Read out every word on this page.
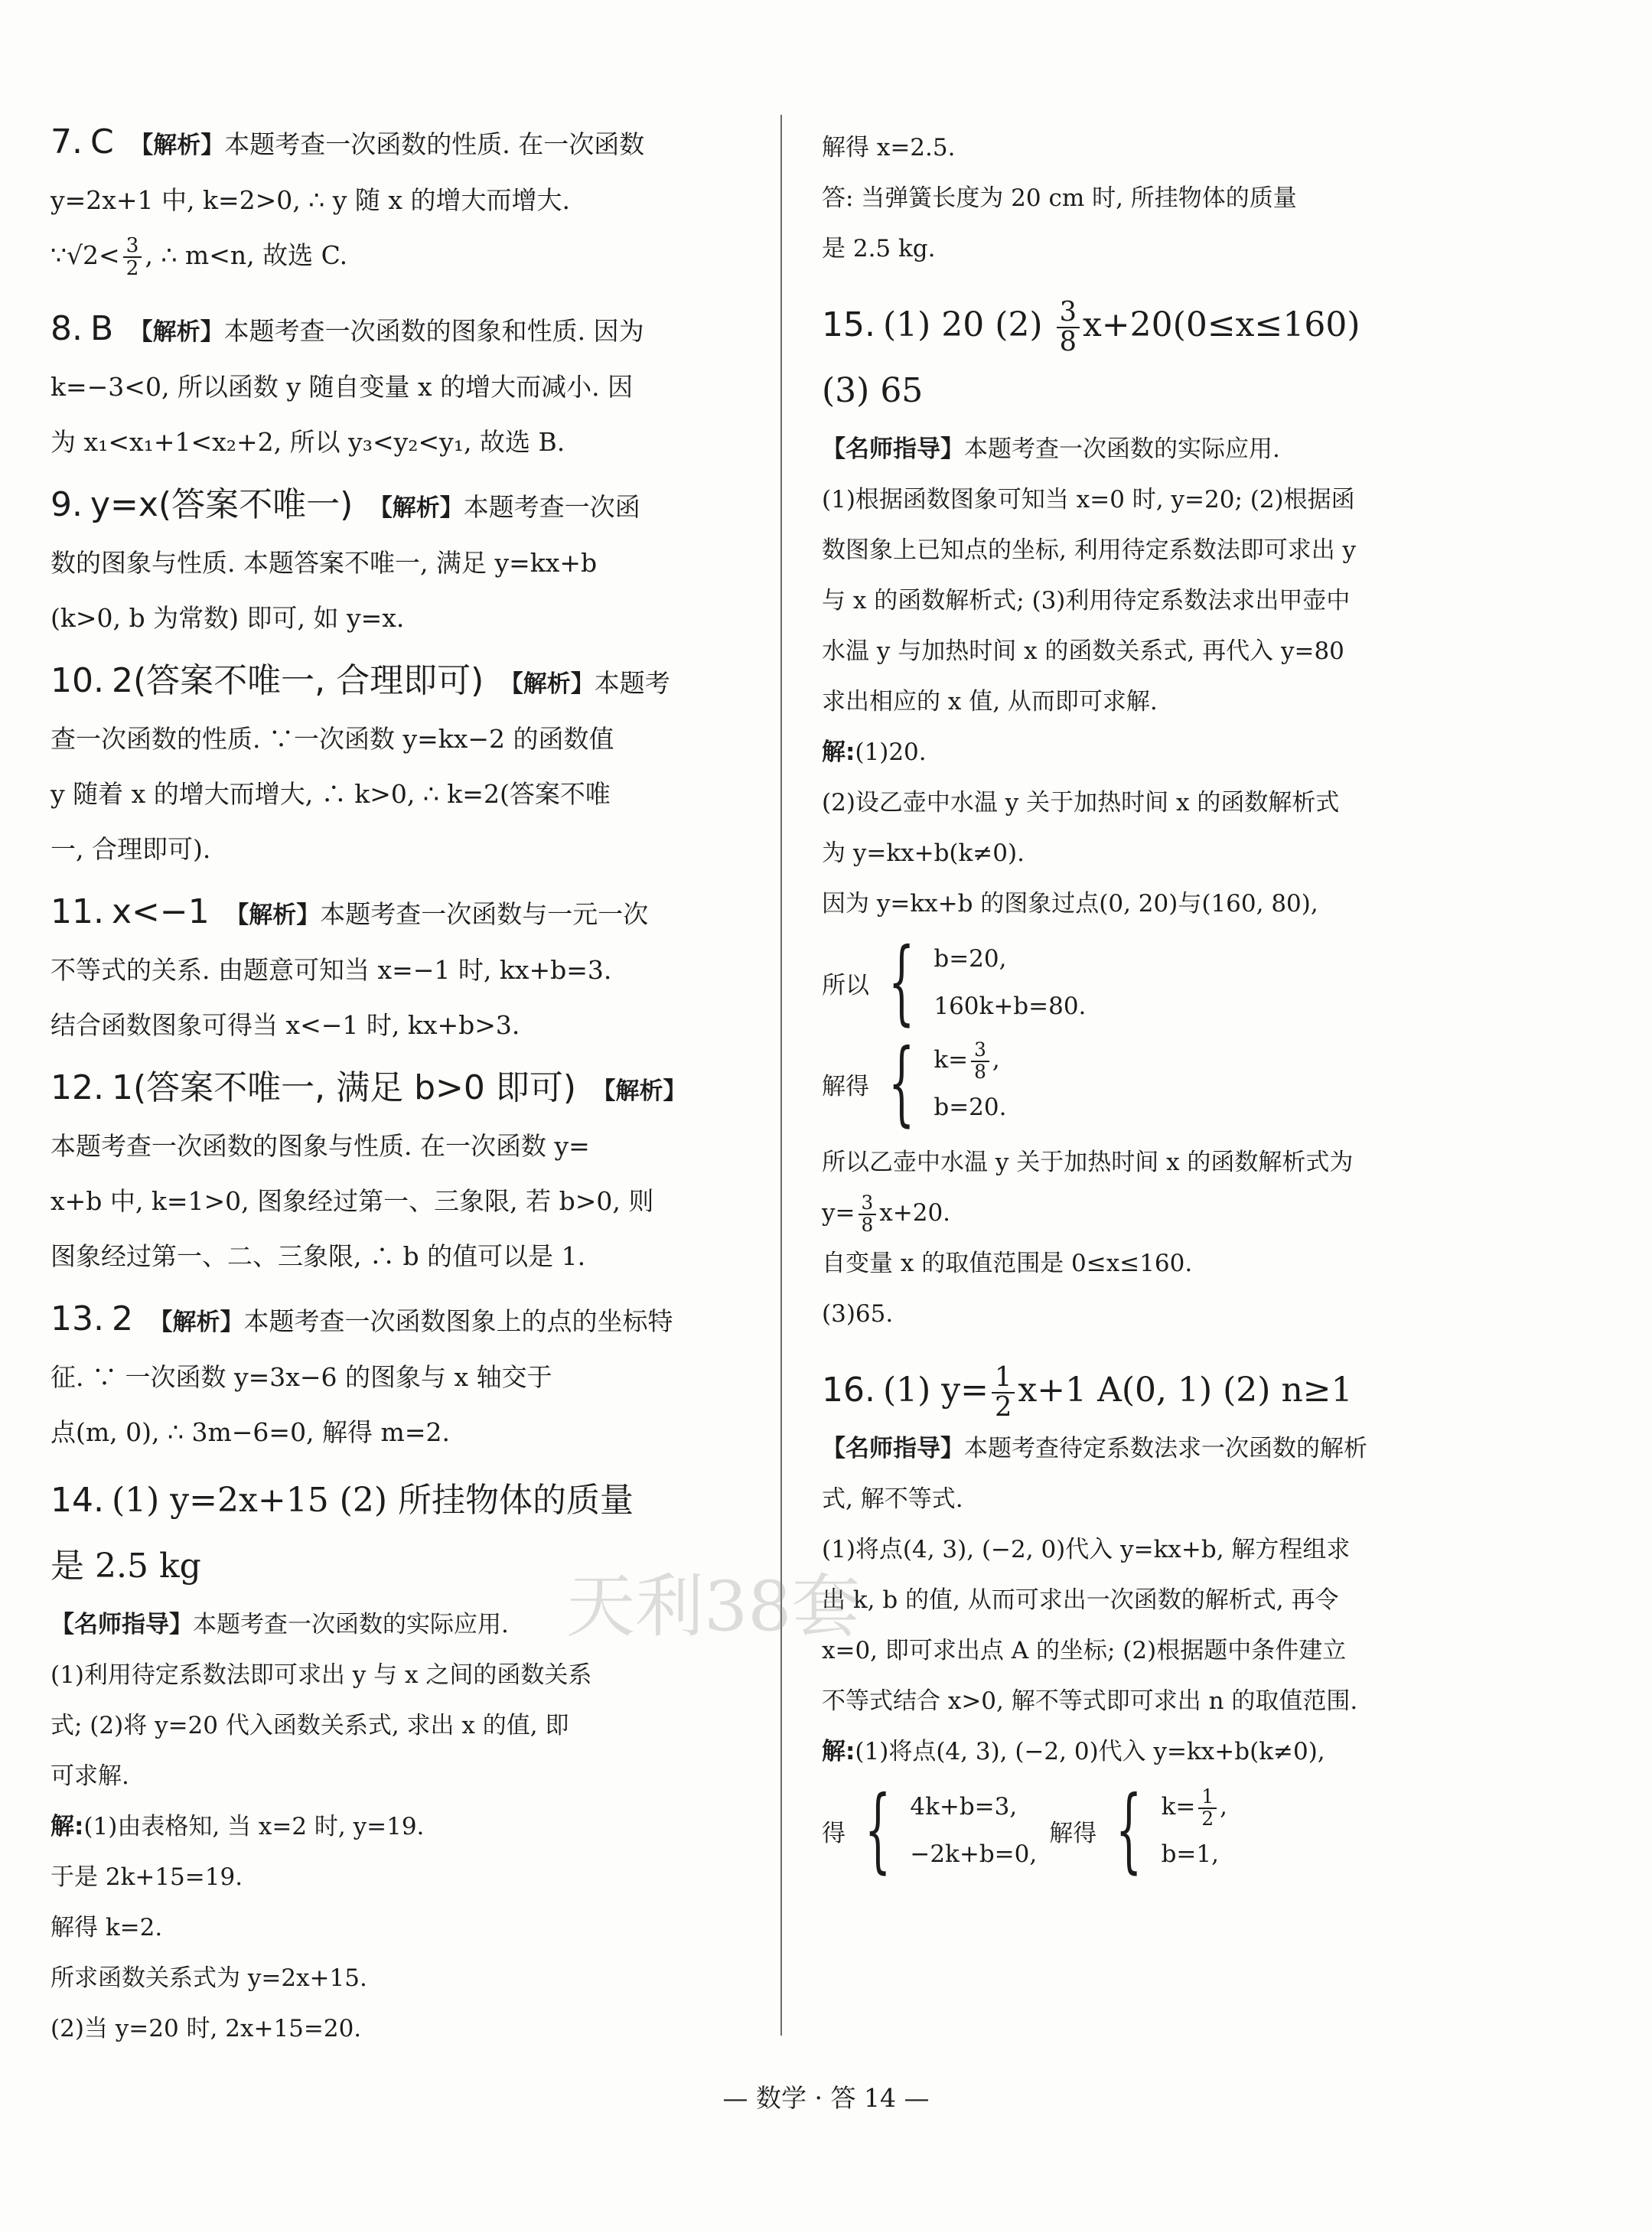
7. C 【解析】本题考查一次函数的性质. 在一次函数
y=2x+1 中, k=2>0, ∴ y 随 x 的增大而增大.
∵√2< $\frac{3}{2}$ , ∴ m<n, 故选 C.
8. B 【解析】本题考查一次函数的图象和性质. 因为
k=−3<0, 所以函数 y 随自变量 x 的增大而减小. 因
为 x₁<x₁+1<x₂+2, 所以 y₃<y₂<y₁, 故选 B.
9. y=x(答案不唯一) 【解析】本题考查一次函
数的图象与性质. 本题答案不唯一, 满足 y=kx+b
(k>0, b 为常数) 即可, 如 y=x.
10. 2(答案不唯一, 合理即可) 【解析】本题考
查一次函数的性质. ∵一次函数 y=kx−2 的函数值
y 随着 x 的增大而增大, ∴ k>0, ∴ k=2(答案不唯
一, 合理即可).
11. x<−1 【解析】本题考查一次函数与一元一次
不等式的关系. 由题意可知当 x=−1 时, kx+b=3.
结合函数图象可得当 x<−1 时, kx+b>3.
12. 1(答案不唯一, 满足 b>0 即可) 【解析】
本题考查一次函数的图象与性质. 在一次函数 y=
x+b 中, k=1>0, 图象经过第一、三象限, 若 b>0, 则
图象经过第一、二、三象限, ∴ b 的值可以是 1.
13. 2 【解析】本题考查一次函数图象上的点的坐标特
征. ∵ 一次函数 y=3x−6 的图象与 x 轴交于
点(m, 0), ∴ 3m−6=0, 解得 m=2.
14. (1) y=2x+15 (2) 所挂物体的质量
是 2.5 kg
【名师指导】本题考查一次函数的实际应用.
(1)利用待定系数法即可求出 y 与 x 之间的函数关系
式; (2)将 y=20 代入函数关系式, 求出 x 的值, 即
可求解.
解:(1)由表格知, 当 x=2 时, y=19.
于是 2k+15=19.
解得 k=2.
所求函数关系式为 y=2x+15.
(2)当 y=20 时, 2x+15=20.
解得 x=2.5.
答: 当弹簧长度为 20 cm 时, 所挂物体的质量
是 2.5 kg.
15. (1) 20 $(2) \frac{3}{8} x+20(0\le x\le 160)$
(3) 65
【名师指导】本题考查一次函数的实际应用.
(1)根据函数图象可知当 x=0 时, y=20; (2)根据函
数图象上已知点的坐标, 利用待定系数法即可求出 y
与 x 的函数解析式; (3)利用待定系数法求出甲壶中
水温 y 与加热时间 x 的函数关系式, 再代入 y=80
求出相应的 x 值, 从而即可求解.
解:(1)20.
(2)设乙壶中水温 y 关于加热时间 x 的函数解析式
为 y=kx+b(k≠0).
因为 y=kx+b 的图象过点(0, 20)与(160, 80),
所以 { b=20,
160k+b=80.
解得 { $k= \frac{3}{8}$ ,
b=20.
所以乙壶中水温 y 关于加热时间 x 的函数解析式为
$y= \frac{3}{8} x+20$.
自变量 x 的取值范围是 0≤x≤160.
(3)65.
16. (1) $y= \frac{1}{2} x+1$ A(0, 1) (2) n≥1
【名师指导】本题考查待定系数法求一次函数的解析
式, 解不等式.
(1)将点(4, 3), (−2, 0)代入 y=kx+b, 解方程组求
出 k, b 的值, 从而可求出一次函数的解析式, 再令
x=0, 即可求出点 A 的坐标; (2)根据题中条件建立
不等式结合 x>0, 解不等式即可求出 n 的取值范围.
解:(1)将点(4, 3), (−2, 0)代入 y=kx+b(k≠0),
得 { 4k+b=3,
−2k+b=0,
解得 { $k= \frac{1}{2}$ ,
b=1,
天利38套
— 数学 · 答 14 —
